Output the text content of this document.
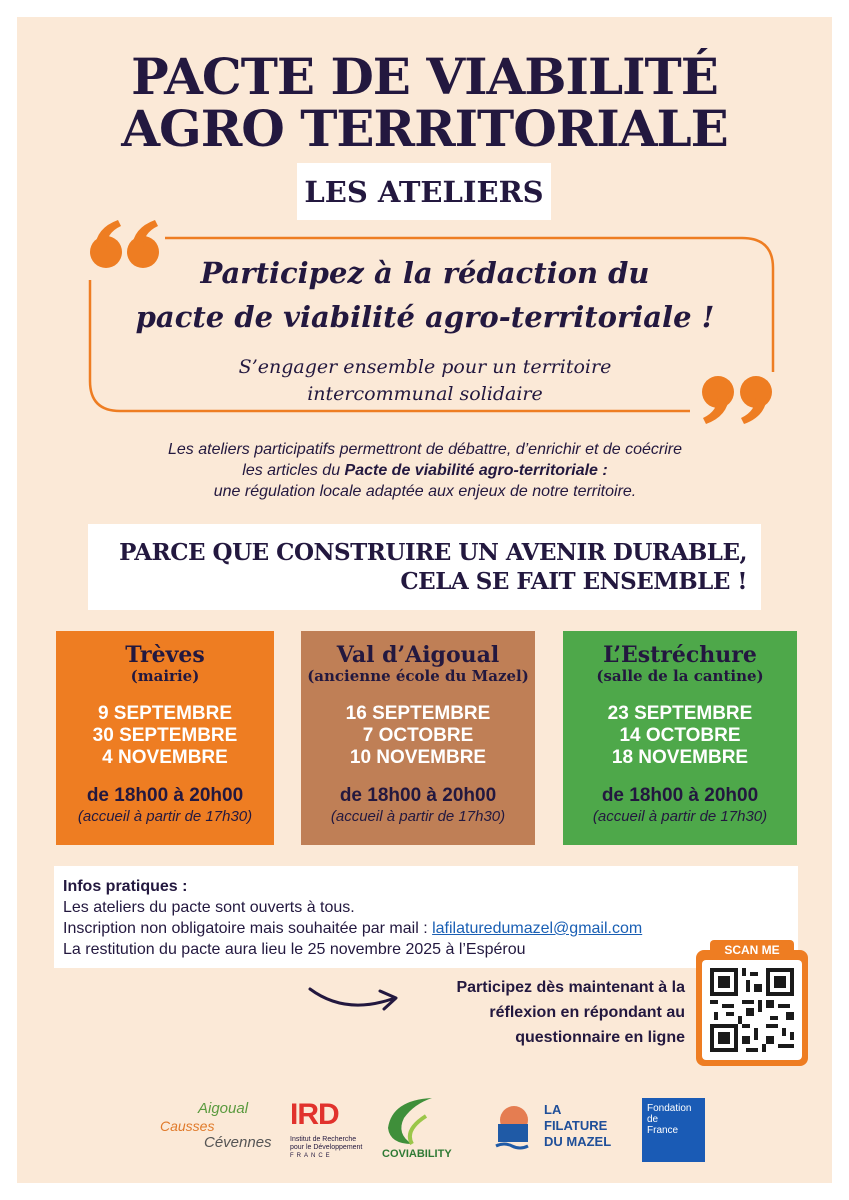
PACTE DE VIABILITÉ
AGRO TERRITORIALE
LES ATELIERS
Participez à la rédaction du
pacte de viabilité agro-territoriale !
S’engager ensemble pour un territoire
intercommunal solidaire
Les ateliers participatifs permettront de débattre, d’enrichir et de coécrire
les articles du Pacte de viabilité agro-territoriale :
une régulation locale adaptée aux enjeux de notre territoire.
PARCE QUE CONSTRUIRE UN AVENIR DURABLE,
CELA SE FAIT ENSEMBLE !
Trèves
(mairie)
9 SEPTEMBRE
30 SEPTEMBRE
4 NOVEMBRE
de 18h00 à 20h00
(accueil à partir de 17h30)
Val d’Aigoual
(ancienne école du Mazel)
16 SEPTEMBRE
7 OCTOBRE
10 NOVEMBRE
de 18h00 à 20h00
(accueil à partir de 17h30)
L’Estréchure
(salle de la cantine)
23 SEPTEMBRE
14 OCTOBRE
18 NOVEMBRE
de 18h00 à 20h00
(accueil à partir de 17h30)
Infos pratiques :
Les ateliers du pacte sont ouverts à tous.
Inscription non obligatoire mais souhaitée par mail : lafilaturedumazel@gmail.com
La restitution du pacte aura lieu le 25 novembre 2025 à l’Espérou
Participez dès maintenant à la
réflexion en répondant au
questionnaire en ligne
SCAN ME
Causses
Aigoual
Cévennes
IRD
Institut de Recherche
pour le Développement
FRANCE	COVIABILITY
LA
FILATURE
DU MAZEL
Fondation
de
France
